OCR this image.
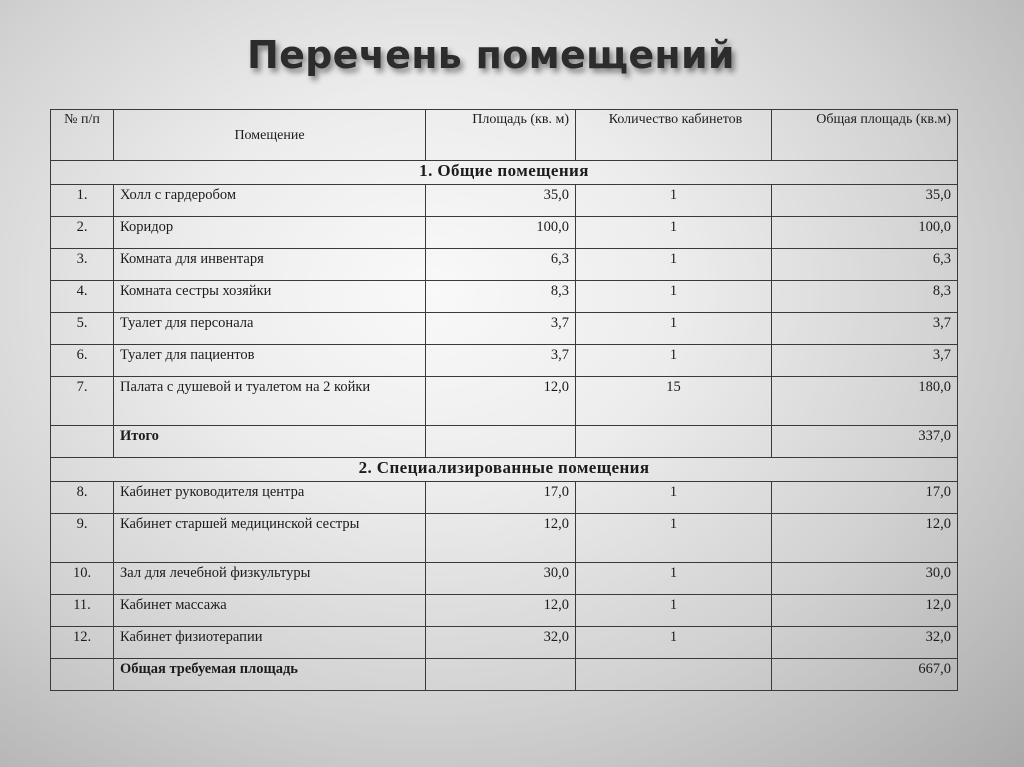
Перечень помещений
№ п/п	Помещение	Площадь (кв. м)	Количество кабинетов	Общая площадь (кв.м)
1. Общие помещения				
1.	Холл с гардеробом	35,0	1	35,0
2.	Коридор	100,0	1	100,0
3.	Комната для инвентаря	6,3	1	6,3
4.	Комната сестры хозяйки	8,3	1	8,3
5.	Туалет для персонала	3,7	1	3,7
6.	Туалет для пациентов	3,7	1	3,7
7.	Палата с душевой и туалетом на 2 койки	12,0	15	180,0
	Итого			337,0
2. Специализированные помещения				
8.	Кабинет руководителя центра	17,0	1	17,0
9.	Кабинет старшей медицинской сестры	12,0	1	12,0
10.	Зал для лечебной физкультуры	30,0	1	30,0
11.	Кабинет массажа	12,0	1	12,0
12.	Кабинет физиотерапии	32,0	1	32,0
	Общая требуемая площадь			667,0
